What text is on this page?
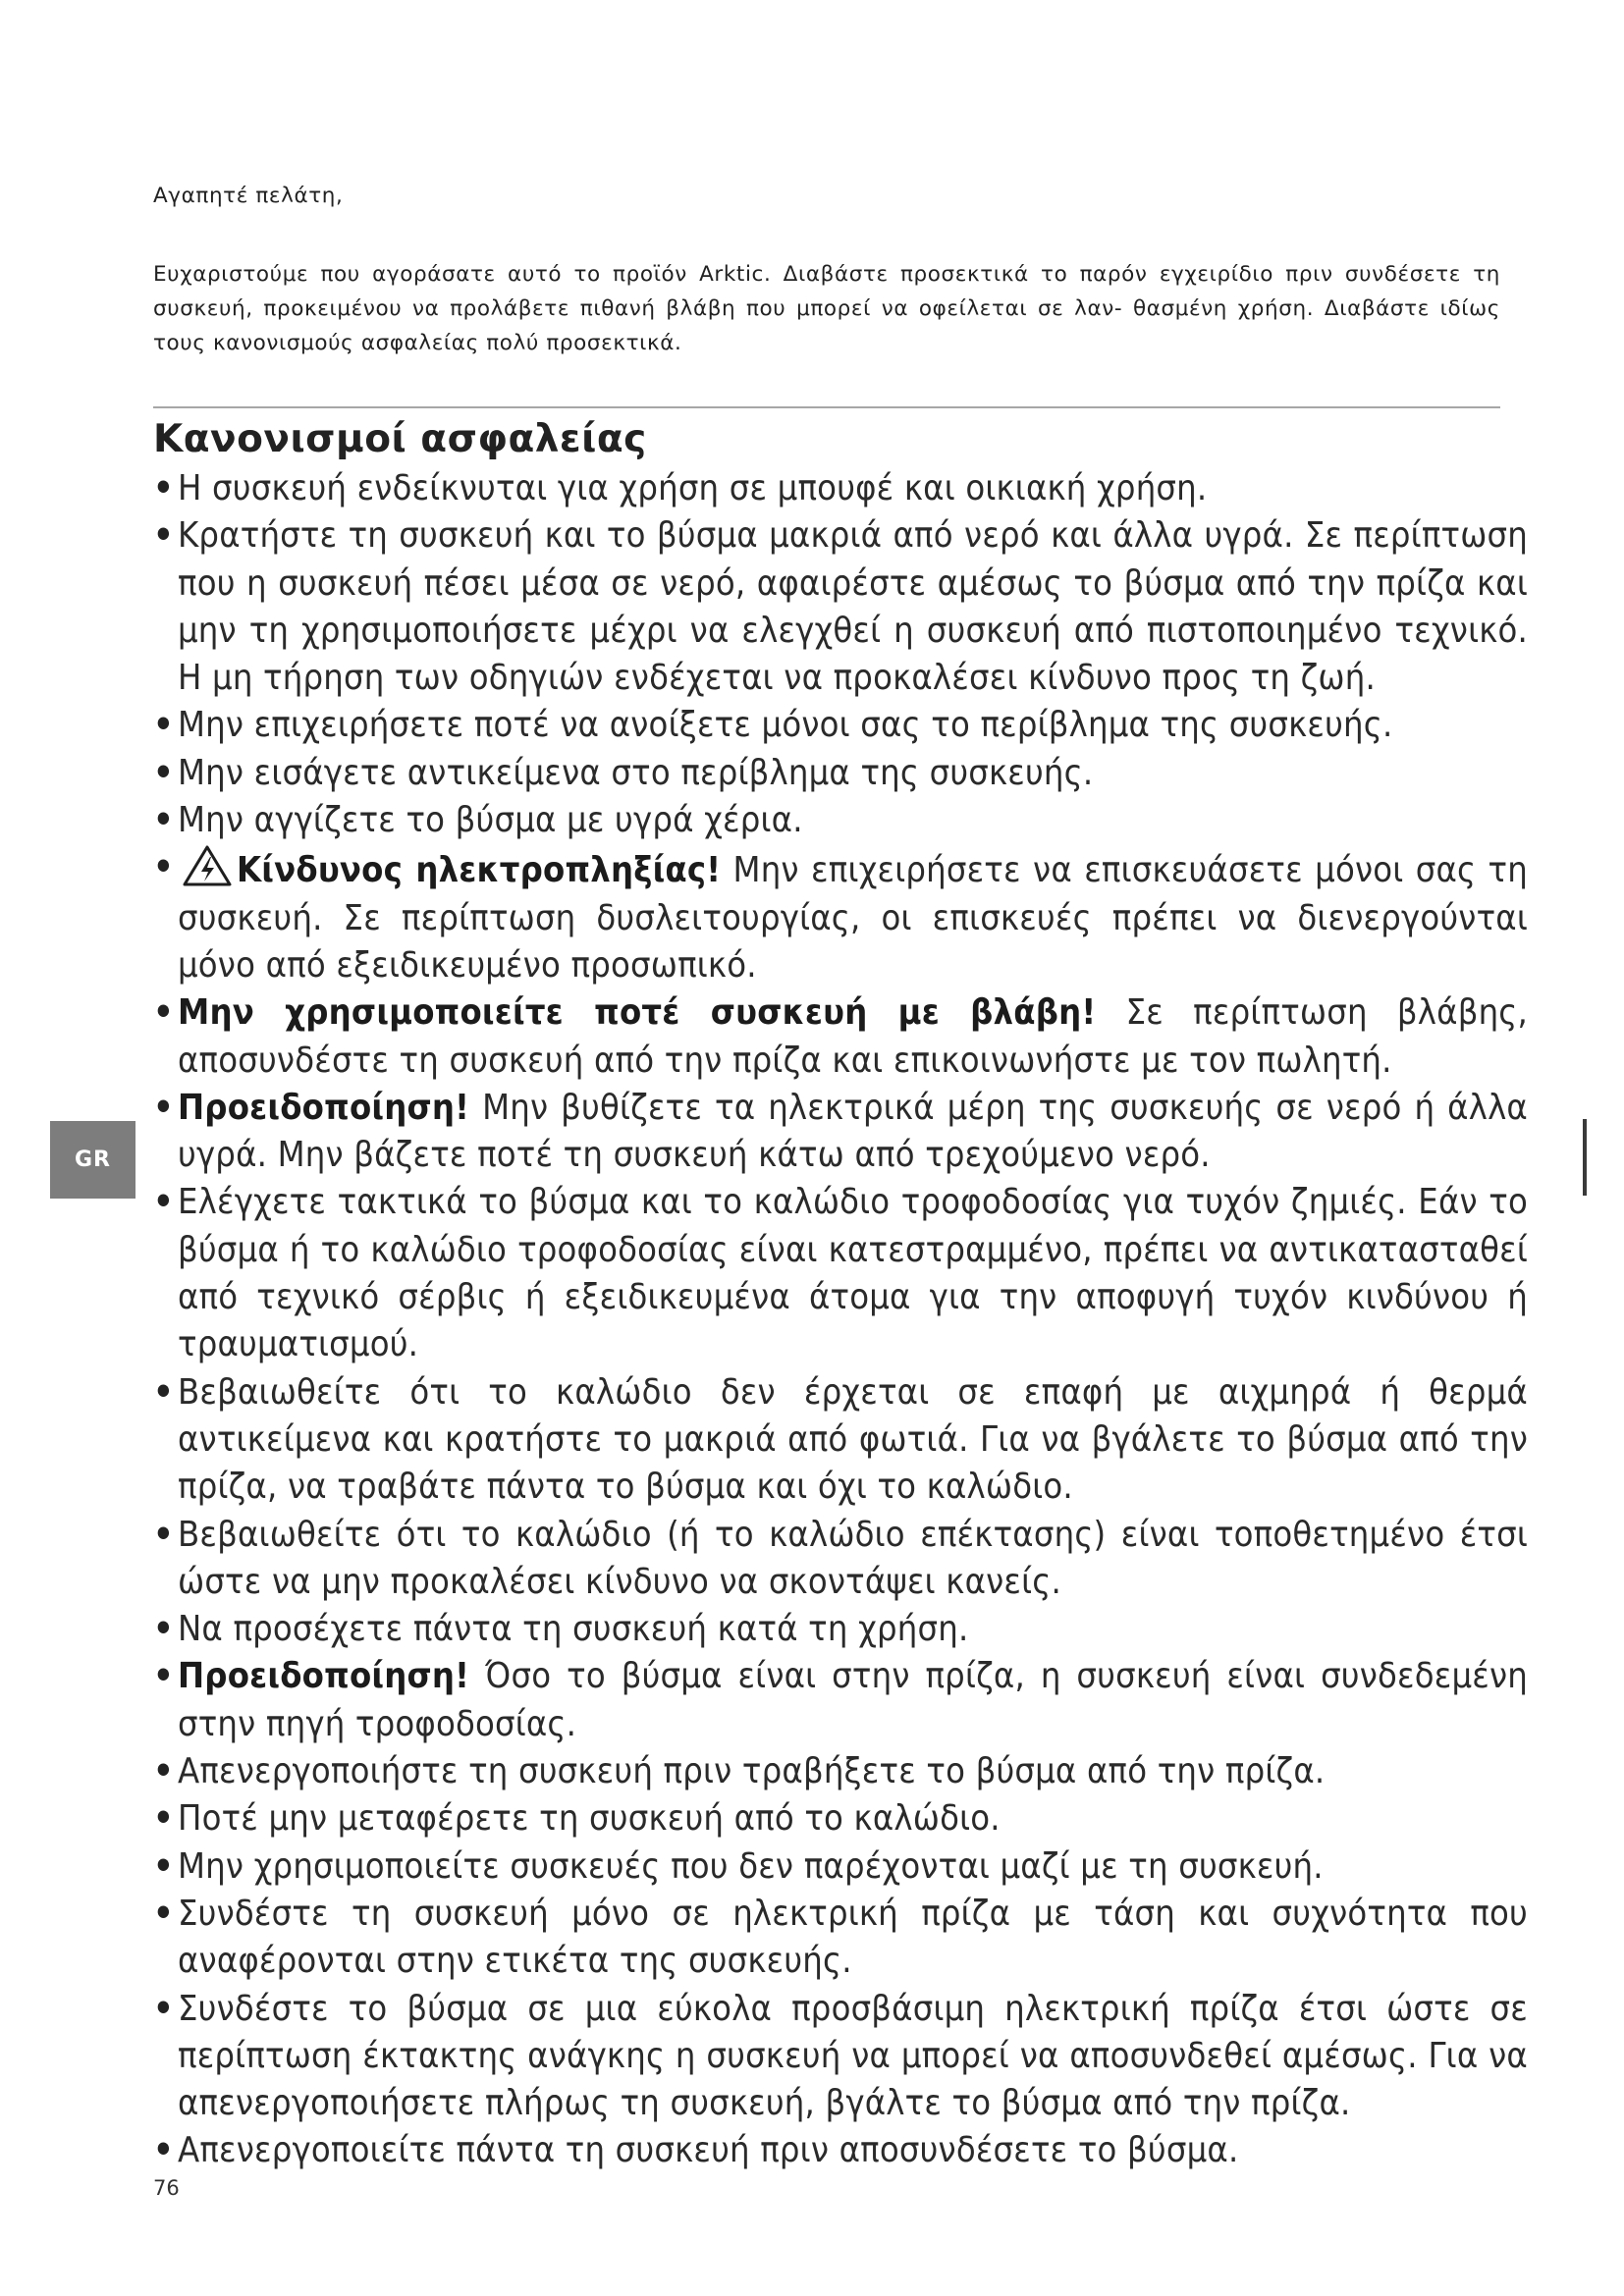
Αγαπητέ πελάτη,
Ευχαριστούμε που αγοράσατε αυτό το προϊόν Arktic. Διαβάστε προσεκτικά το παρόν εγχειρίδιο πριν συνδέσετε τη συσκευή, προκειμένου να προλάβετε πιθανή βλάβη που μπορεί να οφείλεται σε λαν- θασμένη χρήση. Διαβάστε ιδίως τους κανονισμούς ασφαλείας πολύ προσεκτικά.
Κανονισμοί ασφαλείας
• Η συσκευή ενδείκνυται για χρήση σε μπουφέ και οικιακή χρήση.
• Κρατήστε τη συσκευή και το βύσμα μακριά από νερό και άλλα υγρά. Σε περίπτωση που η συσκευή πέσει μέσα σε νερό, αφαιρέστε αμέσως το βύσμα από την πρίζα και μην τη χρησιμοποιήσετε μέχρι να ελεγχθεί η συσκευή από πιστοποιημένο τεχνικό. Η μη τήρηση των οδηγιών ενδέχεται να προκαλέσει κίνδυνο προς τη ζωή.
• Μην επιχειρήσετε ποτέ να ανοίξετε μόνοι σας το περίβλημα της συσκευής.
• Μην εισάγετε αντικείμενα στο περίβλημα της συσκευής.
• Μην αγγίζετε το βύσμα με υγρά χέρια.
• Κίνδυνος ηλεκτροπληξίας! Μην επιχειρήσετε να επισκευάσετε μόνοι σας τη συσκευή. Σε περίπτωση δυσλειτουργίας, οι επισκευές πρέπει να διενεργούνται μόνο από εξειδικευμένο προσωπικό.
• Μην χρησιμοποιείτε ποτέ συσκευή με βλάβη! Σε περίπτωση βλάβης, αποσυνδέστε τη συσκευή από την πρίζα και επικοινωνήστε με τον πωλητή.
• Προειδοποίηση! Μην βυθίζετε τα ηλεκτρικά μέρη της συσκευής σε νερό ή άλλα υγρά. Μην βάζετε ποτέ τη συσκευή κάτω από τρεχούμενο νερό.
• Ελέγχετε τακτικά το βύσμα και το καλώδιο τροφοδοσίας για τυχόν ζημιές. Εάν το βύσμα ή το καλώδιο τροφοδοσίας είναι κατεστραμμένο, πρέπει να αντικατασταθεί από τεχνικό σέρβις ή εξειδικευμένα άτομα για την αποφυγή τυχόν κινδύνου ή τραυματισμού.
• Βεβαιωθείτε ότι το καλώδιο δεν έρχεται σε επαφή με αιχμηρά ή θερμά αντικείμενα και κρατήστε το μακριά από φωτιά. Για να βγάλετε το βύσμα από την πρίζα, να τραβάτε πάντα το βύσμα και όχι το καλώδιο.
• Βεβαιωθείτε ότι το καλώδιο (ή το καλώδιο επέκτασης) είναι τοποθετημένο έτσι ώστε να μην προκαλέσει κίνδυνο να σκοντάψει κανείς.
• Να προσέχετε πάντα τη συσκευή κατά τη χρήση.
• Προειδοποίηση! Όσο το βύσμα είναι στην πρίζα, η συσκευή είναι συνδεδεμένη στην πηγή τροφοδοσίας.
• Απενεργοποιήστε τη συσκευή πριν τραβήξετε το βύσμα από την πρίζα.
• Ποτέ μην μεταφέρετε τη συσκευή από το καλώδιο.
• Μην χρησιμοποιείτε συσκευές που δεν παρέχονται μαζί με τη συσκευή.
• Συνδέστε τη συσκευή μόνο σε ηλεκτρική πρίζα με τάση και συχνότητα που αναφέρονται στην ετικέτα της συσκευής.
• Συνδέστε το βύσμα σε μια εύκολα προσβάσιμη ηλεκτρική πρίζα έτσι ώστε σε περίπτωση έκτακτης ανάγκης η συσκευή να μπορεί να αποσυνδεθεί αμέσως. Για να απενεργοποιήσετε πλήρως τη συσκευή, βγάλτε το βύσμα από την πρίζα.
• Απενεργοποιείτε πάντα τη συσκευή πριν αποσυνδέσετε το βύσμα.
GR
76
